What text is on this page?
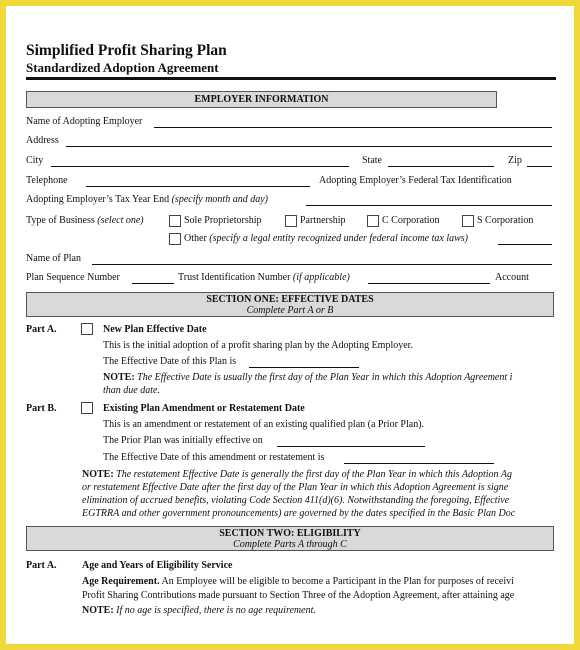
Simplified Profit Sharing Plan
Standardized Adoption Agreement
EMPLOYER INFORMATION
Name of Adopting Employer
Address
City	State	Zip
Telephone	Adopting Employer’s Federal Tax Identification
Adopting Employer’s Tax Year End (specify month and day)
Type of Business (select one)	Sole Proprietorship	Partnership	C Corporation	S Corporation
Other (specify a legal entity recognized under federal income tax laws)
Name of Plan
Plan Sequence Number	Trust Identification Number (if applicable)	Account
SECTION ONE: EFFECTIVE DATES
Complete Part A or B
Part A.	New Plan Effective Date
This is the initial adoption of a profit sharing plan by the Adopting Employer.
The Effective Date of this Plan is
NOTE: The Effective Date is usually the first day of the Plan Year in which this Adoption Agreement i
than due date.
Part B.	Existing Plan Amendment or Restatement Date
This is an amendment or restatement of an existing qualified plan (a Prior Plan).
The Prior Plan was initially effective on
The Effective Date of this amendment or restatement is
NOTE: The restatement Effective Date is generally the first day of the Plan Year in which this Adoption Ag
or restatement Effective Date after the first day of the Plan Year in which this Adoption Agreement is signe
elimination of accrued benefits, violating Code Section 411(d)(6). Notwithstanding the foregoing, Effective
EGTRRA and other government pronouncements) are governed by the dates specified in the Basic Plan Doc
SECTION TWO: ELIGIBILITY
Complete Parts A through C
Part A.	Age and Years of Eligibility Service
Age Requirement. An Employee will be eligible to become a Participant in the Plan for purposes of receivi
Profit Sharing Contributions made pursuant to Section Three of the Adoption Agreement, after attaining age
NOTE: If no age is specified, there is no age requirement.
